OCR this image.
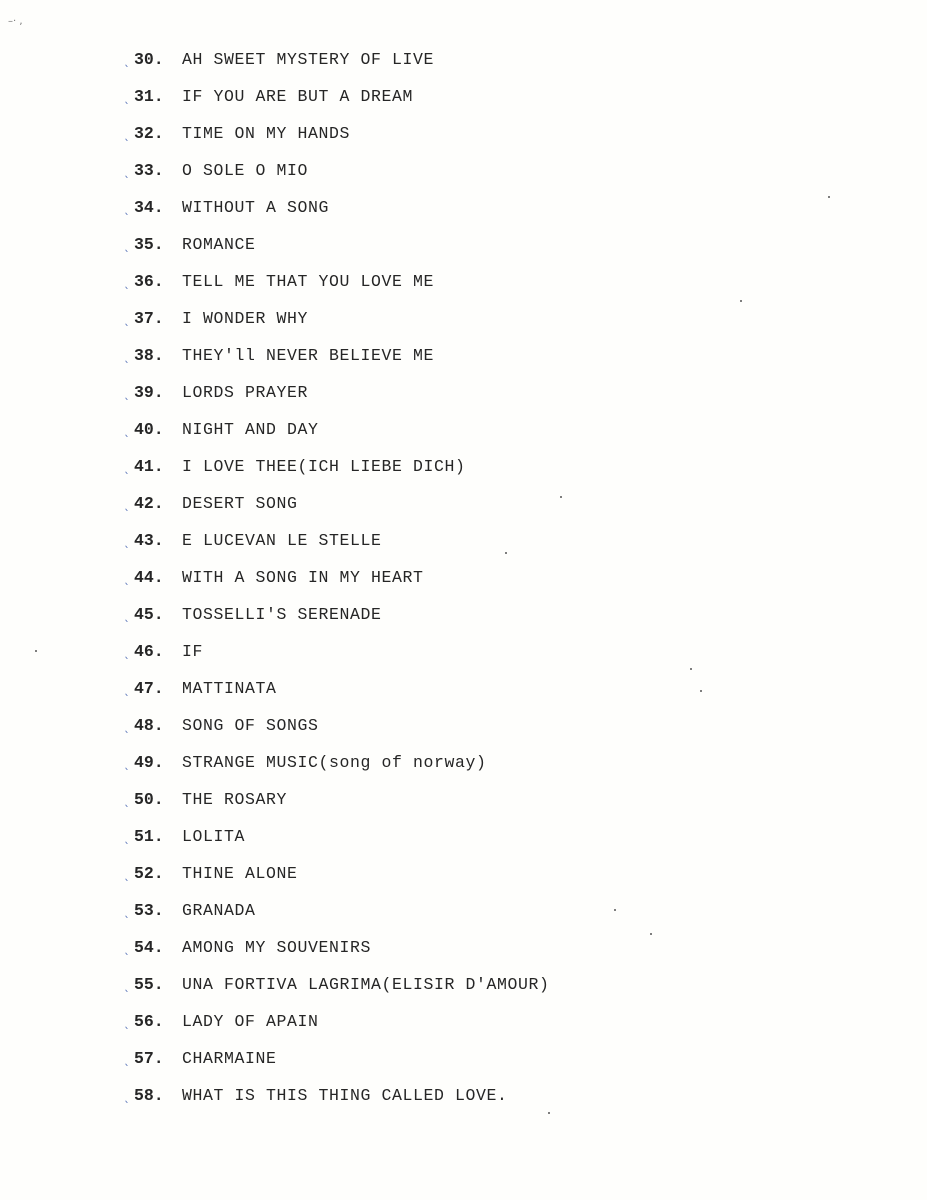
–· ,
ˎ 30.	AH SWEET MYSTERY OF LIVE
ˎ 31.	IF YOU ARE BUT A DREAM
ˎ 32.	TIME ON MY HANDS
ˎ 33.	O SOLE O MIO
ˎ 34.	WITHOUT A SONG
ˎ 35.	ROMANCE
ˎ 36.	TELL ME THAT YOU LOVE ME
ˎ 37.	I WONDER WHY
ˎ 38.	THEY'll NEVER BELIEVE ME
ˎ 39.	LORDS PRAYER
ˎ 40.	NIGHT AND DAY
ˎ 41.	I LOVE THEE(ICH LIEBE DICH)
ˎ 42.	DESERT SONG
ˎ 43.	E LUCEVAN LE STELLE
ˎ 44.	WITH A SONG IN MY HEART
ˎ 45.	TOSSELLI'S SERENADE
ˎ 46.	IF
ˎ 47.	MATTINATA
ˎ 48.	SONG OF SONGS
ˎ 49.	STRANGE MUSIC(song of norway)
ˎ 50.	THE ROSARY
ˎ 51.	LOLITA
ˎ 52.	THINE ALONE
ˎ 53.	GRANADA
ˎ 54.	AMONG MY SOUVENIRS
ˎ 55.	UNA FORTIVA LAGRIMA(ELISIR D'AMOUR)
ˎ 56.	LADY OF APAIN
ˎ 57.	CHARMAINE
ˎ 58.	WHAT IS THIS THING CALLED LOVE.
